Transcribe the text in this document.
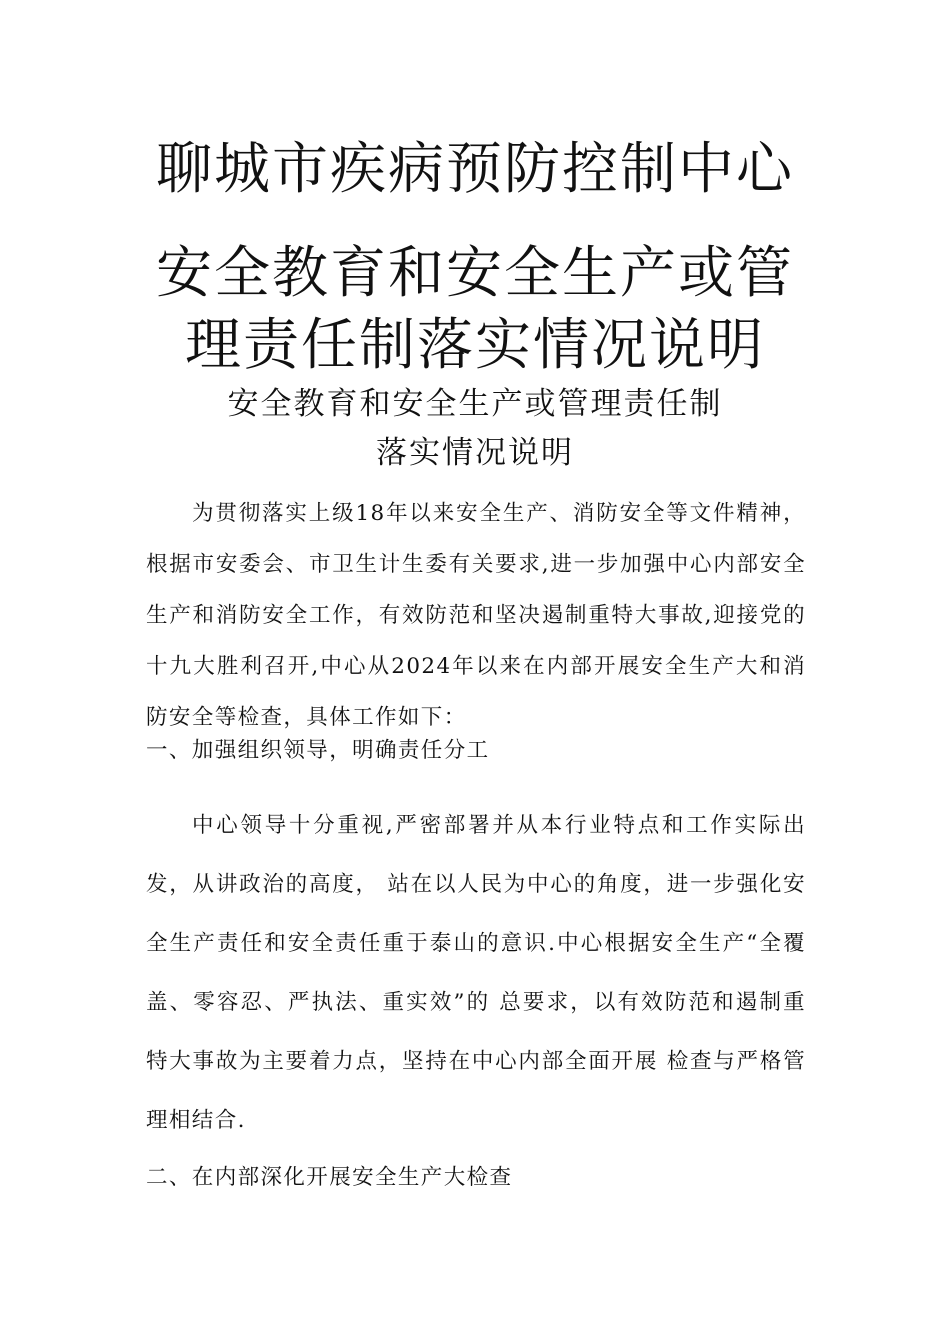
聊城市疾病预防控制中心
安全教育和安全生产或管
理责任制落实情况说明
安全教育和安全生产或管理责任制
落实情况说明

为贯彻落实上级18年以来安全生产、消防安全等文件精神，根据市安委会、市卫生计生委有关要求,进一步加强中心内部安全生产和消防安全工作，有效防范和坚决遏制重特大事故,迎接党的十九大胜利召开,中心从2024年以来在内部开展安全生产大和消防安全等检查，具体工作如下：

一、加强组织领导，明确责任分工

中心领导十分重视,严密部署并从本行业特点和工作实际出发，从讲政治的高度， 站在以人民为中心的角度，进一步强化安全生产责任和安全责任重于泰山的意识.中心根据安全生产“全覆盖、零容忍、严执法、重实效”的 总要求，以有效防范和遏制重特大事故为主要着力点，坚持在中心内部全面开展 检查与严格管理相结合.

二、在内部深化开展安全生产大检查
